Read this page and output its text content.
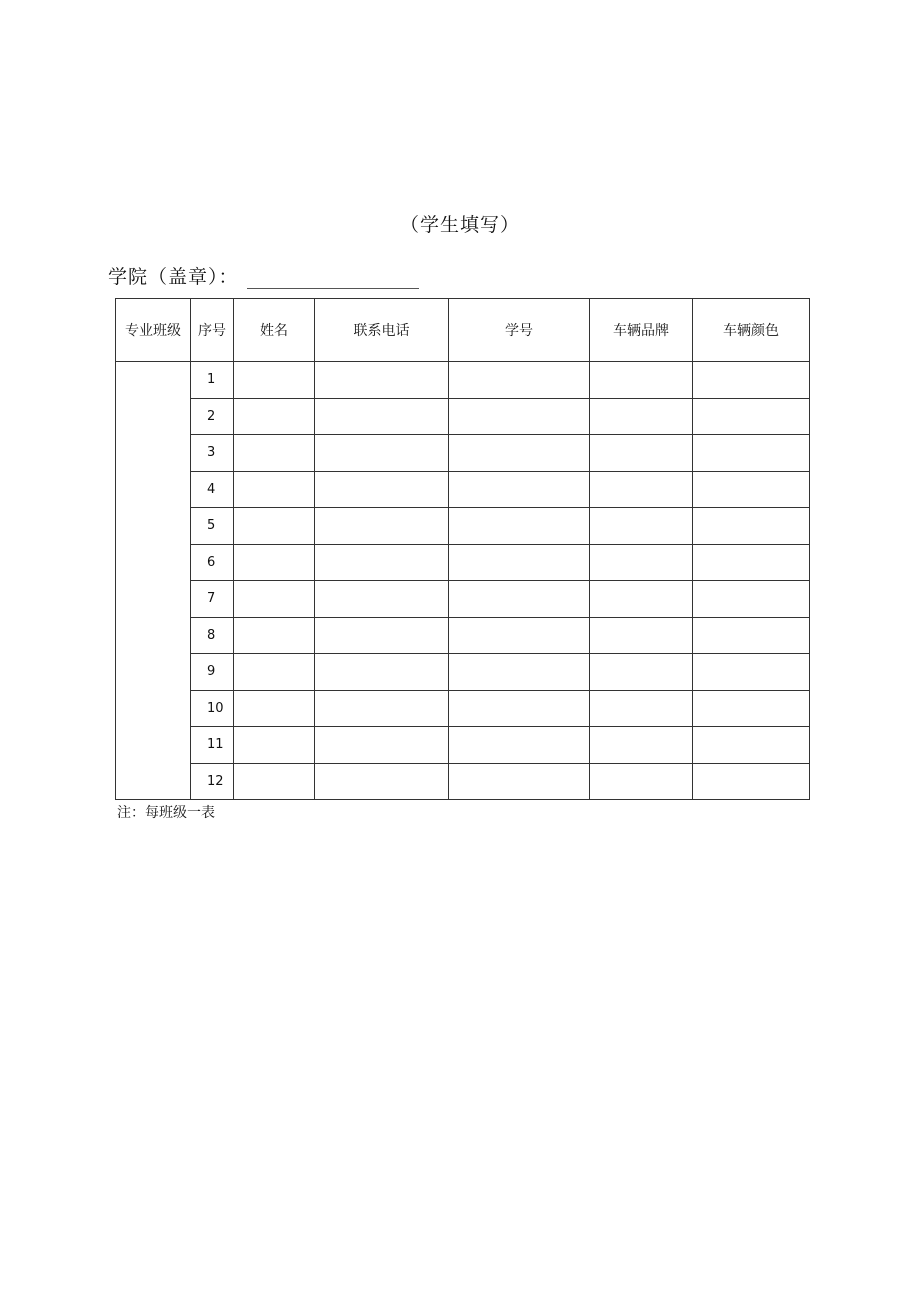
（学生填写）
学院（盖章）：
专业班级	序号	姓名	联系电话	学号	车辆品牌	车辆颜色
	1					
	2					
	3					
	4					
	5					
	6					
	7					
	8					
	9					
	10					
	11					
	12					
注：每班级一表
